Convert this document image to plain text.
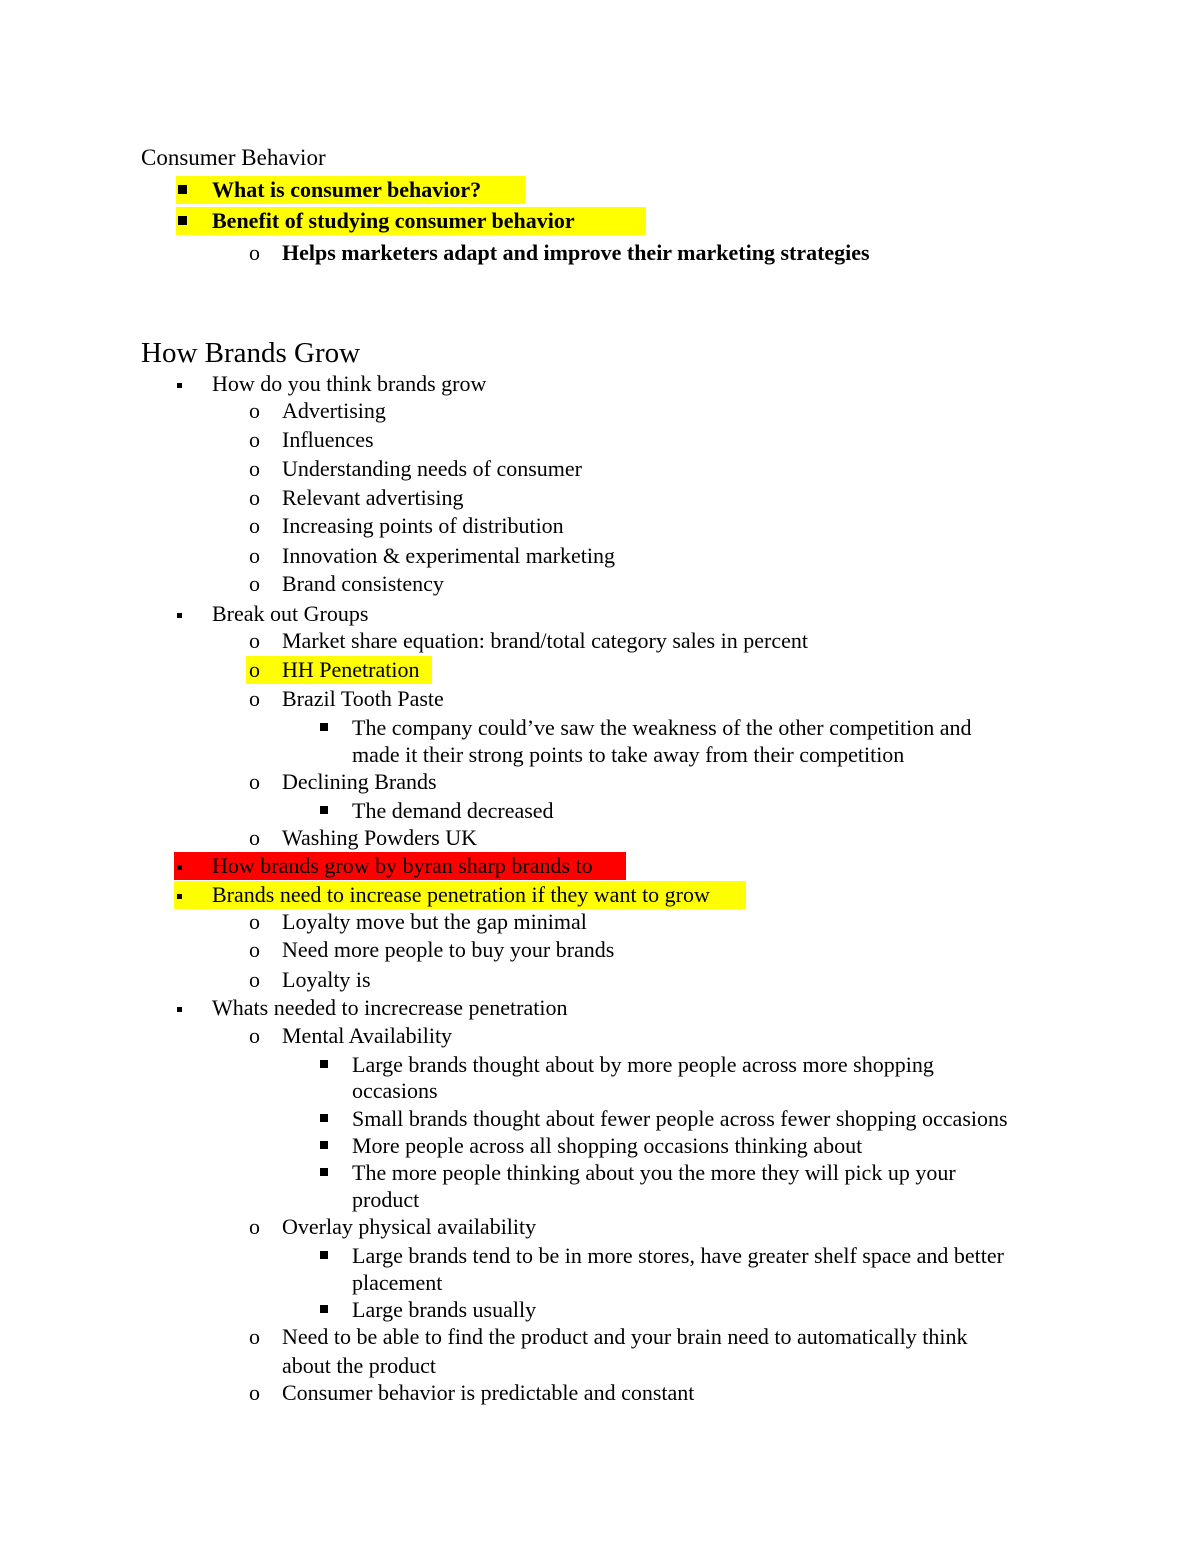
Consumer Behavior
What is consumer behavior?
Benefit of studying consumer behavior
o Helps marketers adapt and improve their marketing strategies
How Brands Grow
How do you think brands grow
o Advertising
o Influences
o Understanding needs of consumer
o Relevant advertising
o Increasing points of distribution
o Innovation & experimental marketing
o Brand consistency
Break out Groups
o Market share equation: brand/total category sales in percent
o HH Penetration
o Brazil Tooth Paste
The company could’ve saw the weakness of the other competition and
made it their strong points to take away from their competition
o Declining Brands
The demand decreased
o Washing Powders UK
How brands grow by byran sharp brands to
Brands need to increase penetration if they want to grow
o Loyalty move but the gap minimal
o Need more people to buy your brands
o Loyalty is
Whats needed to increcrease penetration
o Mental Availability
Large brands thought about by more people across more shopping
occasions
Small brands thought about fewer people across fewer shopping occasions
More people across all shopping occasions thinking about
The more people thinking about you the more they will pick up your
product
o Overlay physical availability
Large brands tend to be in more stores, have greater shelf space and better
placement
Large brands usually
o Need to be able to find the product and your brain need to automatically think
about the product
o Consumer behavior is predictable and constant
